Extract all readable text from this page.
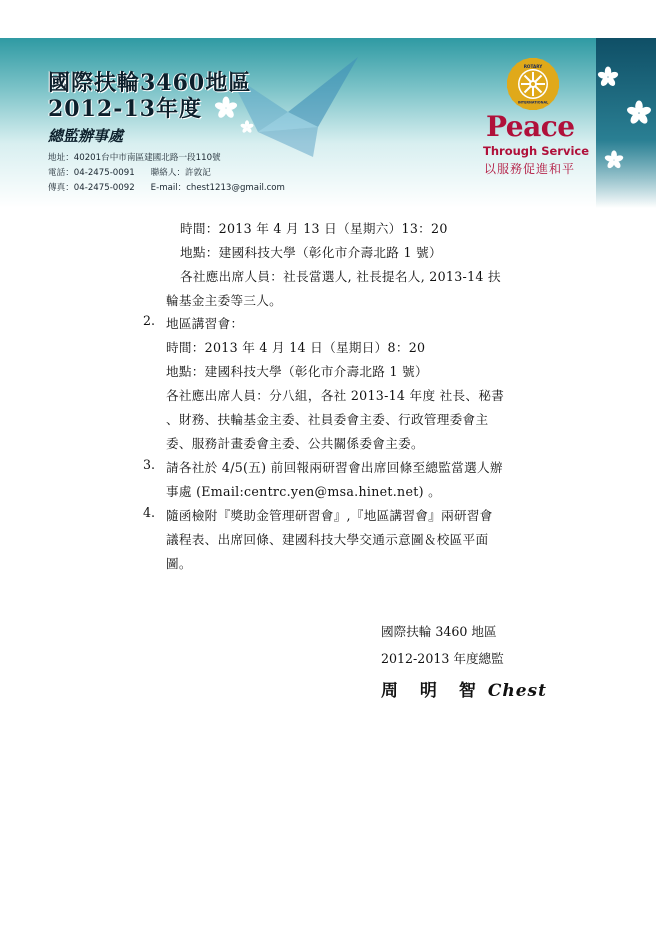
國際扶輪3460地區
2012-13年度
總監辦事處
地址：40201台中市南區建國北路一段110號
電話：04-2475-0091 聯絡人：許敦記
傳真：04-2475-0092 E-mail：chest1213@gmail.com
ROTARY
INTERNATIONAL
Peace
Through Service
以服務促進和平
時間：2013 年 4 月 13 日（星期六）13：20
地點：建國科技大學（彰化市介壽北路 1 號）
各社應出席人員：社長當選人, 社長提名人, 2013-14 扶
輪基金主委等三人。
2. 地區講習會：
時間：2013 年 4 月 14 日（星期日）8：20
地點：建國科技大學（彰化市介壽北路 1 號）
各社應出席人員：分八組，各社 2013-14 年度 社長、秘書
、財務、扶輪基金主委、社員委會主委、行政管理委會主
委、服務計畫委會主委、公共關係委會主委。
3. 請各社於 4/5(五) 前回報兩研習會出席回條至總監當選人辦
事處 (Email:centrc.yen@msa.hinet.net) 。
4. 隨函檢附『獎助金管理研習會』,『地區講習會』兩研習會
議程表、出席回條、建國科技大學交通示意圖＆校區平面
圖。
國際扶輪 3460 地區
2012-2013 年度總監
周 明 智 Chest
